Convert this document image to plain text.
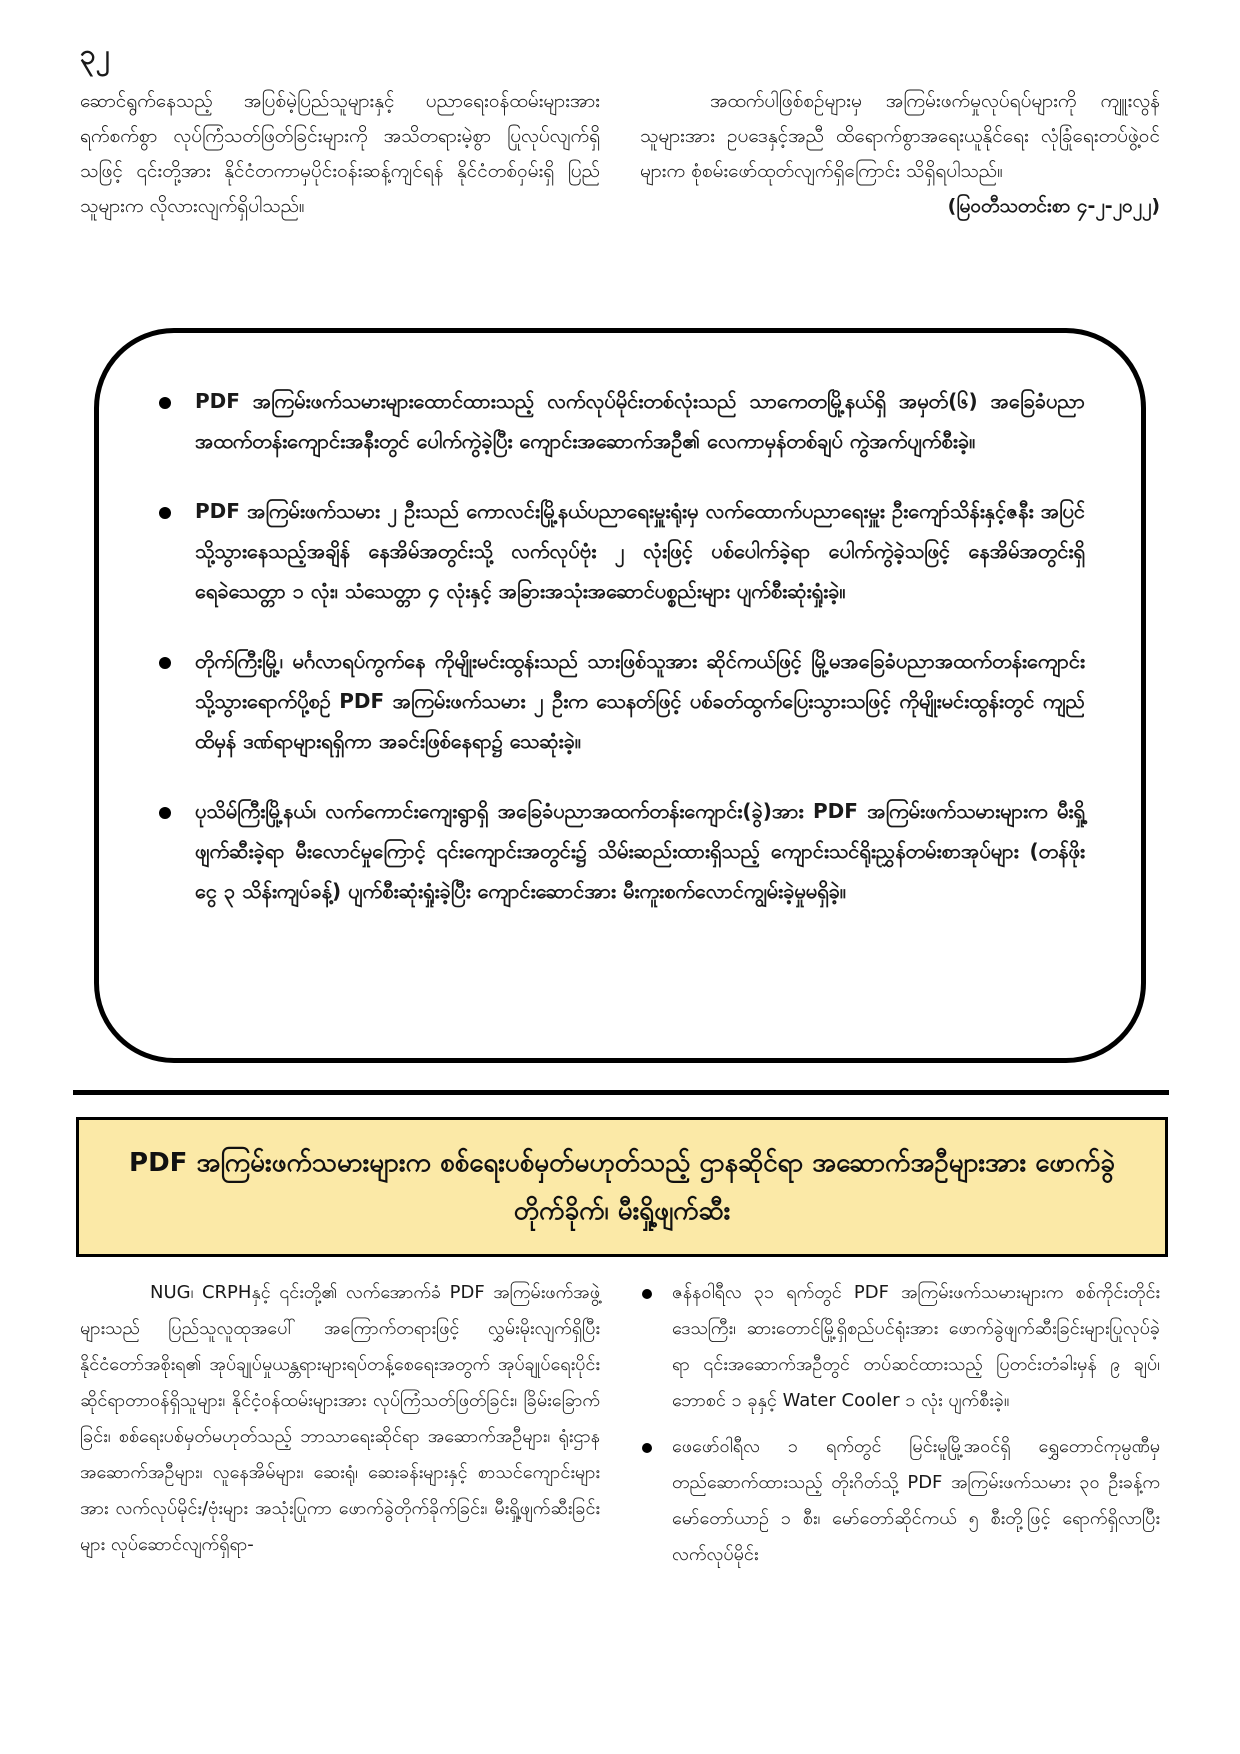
၃၂

ဆောင်ရွက်နေသည့် အပြစ်မဲ့ပြည်သူများနှင့် ပညာရေးဝန်ထမ်းများအား ရက်စက်စွာ လုပ်ကြံသတ်ဖြတ်ခြင်းများကို အသိတရားမဲ့စွာ ပြုလုပ်လျက်ရှိသဖြင့် ၎င်းတို့အား နိုင်ငံတကာမှပိုင်းဝန်းဆန့်ကျင်ရန် နိုင်ငံတစ်ဝှမ်းရှိ ပြည်သူများက လိုလားလျက်ရှိပါသည်။

အထက်ပါဖြစ်စဉ်များမှ အကြမ်းဖက်မှုလုပ်ရပ်များကို ကျူးလွန်သူများအား ဥပဒေနှင့်အညီ ထိရောက်စွာအရေးယူနိုင်ရေး လုံခြုံရေးတပ်ဖွဲ့ဝင်များက စုံစမ်းဖော်ထုတ်လျက်ရှိကြောင်း သိရှိရပါသည်။

(မြဝတီသတင်းစာ ၄-၂-၂၀၂၂)

PDF အကြမ်းဖက်သမားများထောင်ထားသည့် လက်လုပ်မိုင်းတစ်လုံးသည် သာကေတမြို့နယ်ရှိ အမှတ်(၆) အခြေခံပညာအထက်တန်းကျောင်းအနီးတွင် ပေါက်ကွဲခဲ့ပြီး ကျောင်းအဆောက်အဦ၏ လေကာမှန်တစ်ချပ် ကွဲအက်ပျက်စီးခဲ့။
PDF အကြမ်းဖက်သမား ၂ ဦးသည် ကောလင်းမြို့နယ်ပညာရေးမှူးရုံးမှ လက်ထောက်ပညာရေးမှူး ဦးကျော်သိန်းနှင့်ဇနီး အပြင်သို့သွားနေသည့်အချိန် နေအိမ်အတွင်းသို့ လက်လုပ်ဗုံး ၂ လုံးဖြင့် ပစ်ပေါက်ခဲ့ရာ ပေါက်ကွဲခဲ့သဖြင့် နေအိမ်အတွင်းရှိ ရေခဲသေတ္တာ ၁ လုံး၊ သံသေတ္တာ ၄ လုံးနှင့် အခြားအသုံးအဆောင်ပစ္စည်းများ ပျက်စီးဆုံးရှုံးခဲ့။
တိုက်ကြီးမြို့၊ မင်္ဂလာရပ်ကွက်နေ ကိုမျိုးမင်းထွန်းသည် သားဖြစ်သူအား ဆိုင်ကယ်ဖြင့် မြို့မအခြေခံပညာအထက်တန်းကျောင်းသို့သွားရောက်ပို့စဉ် PDF အကြမ်းဖက်သမား ၂ ဦးက သေနတ်ဖြင့် ပစ်ခတ်ထွက်ပြေးသွားသဖြင့် ကိုမျိုးမင်းထွန်းတွင် ကျည်ထိမှန် ဒဏ်ရာများရရှိကာ အခင်းဖြစ်နေရာ၌ သေဆုံးခဲ့။
ပုသိမ်ကြီးမြို့နယ်၊ လက်ကောင်းကျေးရွာရှိ အခြေခံပညာအထက်တန်းကျောင်း(ခွဲ)အား PDF အကြမ်းဖက်သမားများက မီးရှို့ဖျက်ဆီးခဲ့ရာ မီးလောင်မှုကြောင့် ၎င်းကျောင်းအတွင်း၌ သိမ်းဆည်းထားရှိသည့် ကျောင်းသင်ရိုးညွှန်တမ်းစာအုပ်များ (တန်ဖိုးငွေ ၃ သိန်းကျပ်ခန့်) ပျက်စီးဆုံးရှုံးခဲ့ပြီး ကျောင်းဆောင်အား မီးကူးစက်လောင်ကျွမ်းခဲ့မှုမရှိခဲ့။
PDF အကြမ်းဖက်သမားများက စစ်ရေးပစ်မှတ်မဟုတ်သည့် ဌာနဆိုင်ရာ အဆောက်အဦများအား ဖောက်ခွဲတိုက်ခိုက်၊ မီးရှို့ဖျက်ဆီး

NUG၊ CRPHနှင့် ၎င်းတို့၏ လက်အောက်ခံ PDF အကြမ်းဖက်အဖွဲ့များသည် ပြည်သူလူထုအပေါ် အကြောက်တရားဖြင့် လွှမ်းမိုးလျက်ရှိပြီး နိုင်ငံတော်အစိုးရ၏ အုပ်ချုပ်မှုယန္တရားများရပ်တန့်စေရေးအတွက် အုပ်ချုပ်ရေးပိုင်းဆိုင်ရာတာဝန်ရှိသူများ၊ နိုင်ငံ့ဝန်ထမ်းများအား လုပ်ကြံသတ်ဖြတ်ခြင်း၊ ခြိမ်းခြောက်ခြင်း၊ စစ်ရေးပစ်မှတ်မဟုတ်သည့် ဘာသာရေးဆိုင်ရာ အဆောက်အဦများ၊ ရုံးဌာနအဆောက်အဦများ၊ လူနေအိမ်များ၊ ဆေးရုံ၊ ဆေးခန်းများနှင့် စာသင်ကျောင်းများအား လက်လုပ်မိုင်း/ဗုံးများ အသုံးပြုကာ ဖောက်ခွဲတိုက်ခိုက်ခြင်း၊ မီးရှို့ဖျက်ဆီးခြင်းများ လုပ်ဆောင်လျက်ရှိရာ-

ဇန်နဝါရီလ ၃၁ ရက်တွင် PDF အကြမ်းဖက်သမားများက စစ်ကိုင်းတိုင်းဒေသကြီး၊ ဆားတောင်မြို့ရှိစည်ပင်ရုံးအား ဖောက်ခွဲဖျက်ဆီးခြင်းများပြုလုပ်ခဲ့ရာ ၎င်းအဆောက်အဦတွင် တပ်ဆင်ထားသည့် ပြတင်းတံခါးမှန် ၉ ချပ်၊ ဘောစင် ၁ ခုနှင့် Water Cooler ၁ လုံး ပျက်စီးခဲ့။
ဖေဖော်ဝါရီလ ၁ ရက်တွင် မြင်းမူမြို့အဝင်ရှိ ရွှေတောင်ကုမ္ပဏီမှ တည်ဆောက်ထားသည့် တိုးဂိတ်သို့ PDF အကြမ်းဖက်သမား ၃၀ ဦးခန့်က မော်တော်ယာဉ် ၁ စီး၊ မော်တော်ဆိုင်ကယ် ၅ စီးတို့ဖြင့် ရောက်ရှိလာပြီး လက်လုပ်မိုင်း
